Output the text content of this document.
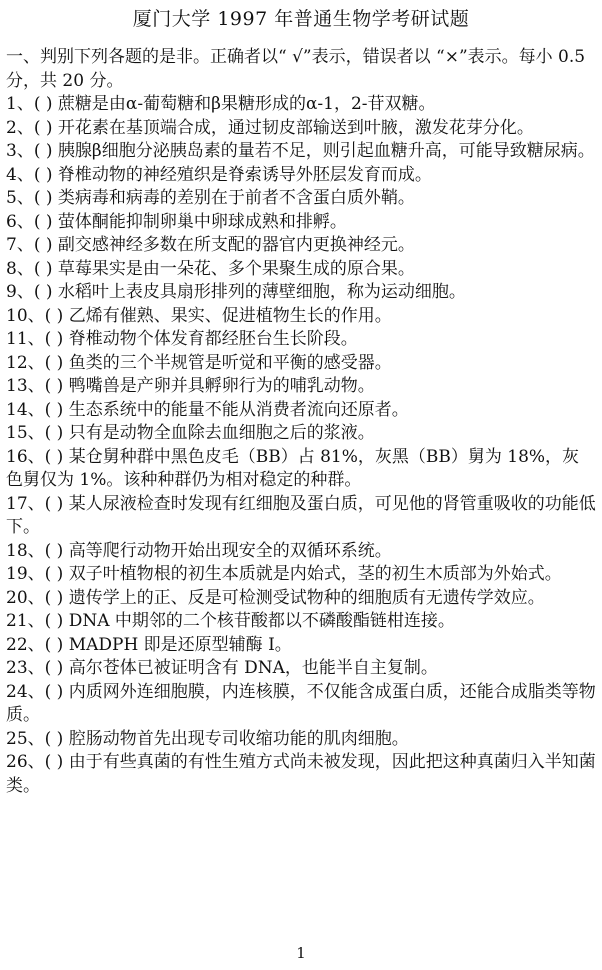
厦门大学 1997 年普通生物学考研试题
一、判别下列各题的是非。正确者以“ √”表示，错误者以 “×”表示。每小 0.5 分，共 20 分。
1、( ) 蔗糖是由α-葡萄糖和β果糖形成的α-1，2-苷双糖。
2、( ) 开花素在基顶端合成，通过韧皮部输送到叶腋，激发花芽分化。
3、( ) 胰腺β细胞分泌胰岛素的量若不足，则引起血糖升高，可能导致糖尿病。
4、( ) 脊椎动物的神经殖织是脊索诱导外胚层发育而成。
5、( ) 类病毒和病毒的差别在于前者不含蛋白质外鞘。
6、( ) 萤体酮能抑制卵巢中卵球成熟和排孵。
7、( ) 副交感神经多数在所支配的器官内更换神经元。
8、( ) 草莓果实是由一朵花、多个果聚生成的原合果。
9、( ) 水稻叶上表皮具扇形排列的薄壁细胞，称为运动细胞。
10、( ) 乙烯有催熟、果实、促进植物生长的作用。
11、( ) 脊椎动物个体发育都经胚台生长阶段。
12、( ) 鱼类的三个半规管是听觉和平衡的感受器。
13、( ) 鸭嘴兽是产卵并具孵卵行为的哺乳动物。
14、( ) 生态系统中的能量不能从消费者流向还原者。
15、( ) 只有是动物全血除去血细胞之后的浆液。
16、( ) 某仓舅种群中黑色皮毛（BB）占 81%，灰黑（BB）舅为 18%，灰色舅仅为 1%。该种种群仍为相对稳定的种群。
17、( ) 某人尿液检查时发现有红细胞及蛋白质，可见他的肾管重吸收的功能低下。
18、( ) 高等爬行动物开始出现安全的双循环系统。
19、( ) 双子叶植物根的初生本质就是内始式，茎的初生木质部为外始式。
20、( ) 遗传学上的正、反是可检测受试物种的细胞质有无遗传学效应。
21、( ) DNA 中期邻的二个核苷酸都以不磷酸酯链柑连接。
22、( ) MADPH 即是还原型辅酶 I。
23、( ) 高尔苍体已被证明含有 DNA，也能半自主复制。
24、( ) 内质网外连细胞膜，内连核膜，不仅能含成蛋白质，还能合成脂类等物质。
25、( ) 腔肠动物首先出现专司收缩功能的肌肉细胞。
26、( ) 由于有些真菌的有性生殖方式尚未被发现，因此把这种真菌归入半知菌类。
1
